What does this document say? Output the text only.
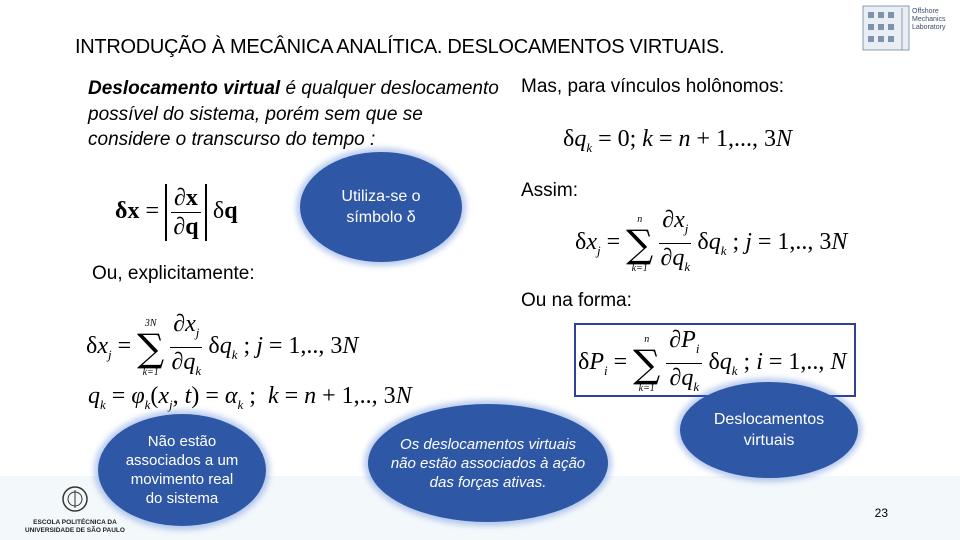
INTRODUÇÃO À MECÂNICA ANALÍTICA. DESLOCAMENTOS VIRTUAIS.
Offshore
Mechanics
Laboratory
Deslocamento virtual é qualquer deslocamento possível do sistema, porém sem que se considere o transcurso do tempo :
$\delta x = \frac{\partial x}{\partial q}$ δq
Utiliza-se o símbolo δ
Ou, explicitamente:
$\delta x_j$ =
3N
∑
k=1
$\frac{\partial x_j}{\partial q_k} \delta q_k$ ; j = 1,.., 3N
$q_k = \varphi_k(x_j$, $t) = \alpha_k$ ;  k = n + 1,.., 3N
Mas, para vínculos holônomos:
$\delta q_k = 0$; k = n + 1,..., 3N
Assim:
$\delta x_j$ =
n
∑
k=1
$\frac{\partial x_j}{\partial q_k} \delta q_k$ ; j = 1,.., 3N
Ou na forma:
$\delta P_i$ =
n
∑
k=1
$\frac{\partial P_i}{\partial q_k} \delta q_k$ ; i = 1,.., N
ESCOLA POLITÉCNICA DA
UNIVERSIDADE DE SÃO PAULO
23
Não estão associados a um movimento real do sistema
Os deslocamentos virtuais não estão associados à ação das forças ativas.
Deslocamentos virtuais
